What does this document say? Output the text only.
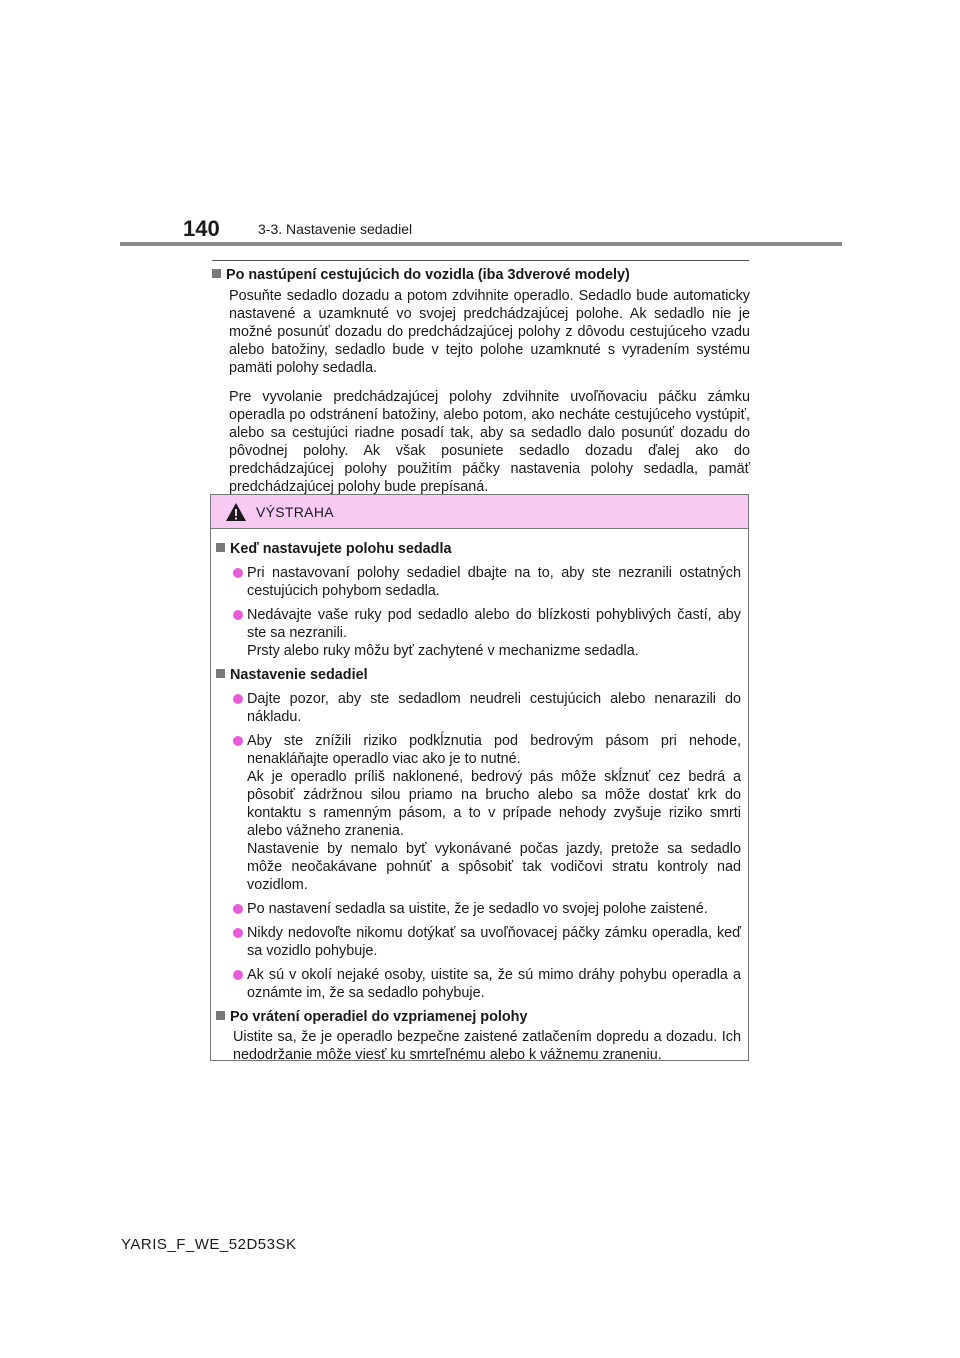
140	3-3. Nastavenie sedadiel
Po nastúpení cestujúcich do vozidla (iba 3dverové modely)

Posuňte sedadlo dozadu a potom zdvihnite operadlo. Sedadlo bude automaticky nastavené a uzamknuté vo svojej predchádzajúcej polohe. Ak sedadlo nie je možné posunúť dozadu do predchádzajúcej polohy z dôvodu cestujúceho vzadu alebo batožiny, sedadlo bude v tejto polohe uzamknuté s vyradením systému pamäti polohy sedadla.

Pre vyvolanie predchádzajúcej polohy zdvihnite uvoľňovaciu páčku zámku operadla po odstránení batožiny, alebo potom, ako necháte cestujúceho vystúpiť, alebo sa cestujúci riadne posadí tak, aby sa sedadlo dalo posunúť dozadu do pôvodnej polohy. Ak však posuniete sedadlo dozadu ďalej ako do predchádzajúcej polohy použitím páčky nastavenia polohy sedadla, pamäť predchádzajúcej polohy bude prepísaná.

VÝSTRAHA
Keď nastavujete polohu sedadla
Pri nastavovaní polohy sedadiel dbajte na to, aby ste nezranili ostatných cestujúcich pohybom sedadla.
Nedávajte vaše ruky pod sedadlo alebo do blízkosti pohyblivých častí, aby ste sa nezranili.
Prsty alebo ruky môžu byť zachytené v mechanizme sedadla.
Nastavenie sedadiel
Dajte pozor, aby ste sedadlom neudreli cestujúcich alebo nenarazili do nákladu.
Aby ste znížili riziko podkĺznutia pod bedrovým pásom pri nehode, nenakláňajte operadlo viac ako je to nutné.
Ak je operadlo príliš naklonené, bedrový pás môže skĺznuť cez bedrá a pôsobiť zádržnou silou priamo na brucho alebo sa môže dostať krk do kontaktu s ramenným pásom, a to v prípade nehody zvyšuje riziko smrti alebo vážneho zranenia.
Nastavenie by nemalo byť vykonávané počas jazdy, pretože sa sedadlo môže neočakávane pohnúť a spôsobiť tak vodičovi stratu kontroly nad vozidlom.
Po nastavení sedadla sa uistite, že je sedadlo vo svojej polohe zaistené.
Nikdy nedovoľte nikomu dotýkať sa uvoľňovacej páčky zámku operadla, keď sa vozidlo pohybuje.
Ak sú v okolí nejaké osoby, uistite sa, že sú mimo dráhy pohybu operadla a oznámte im, že sa sedadlo pohybuje.
Po vrátení operadiel do vzpriamenej polohy
Uistite sa, že je operadlo bezpečne zaistené zatlačením dopredu a dozadu. Ich nedodržanie môže viesť ku smrteľnému alebo k vážnemu zraneniu.
YARIS_F_WE_52D53SK
